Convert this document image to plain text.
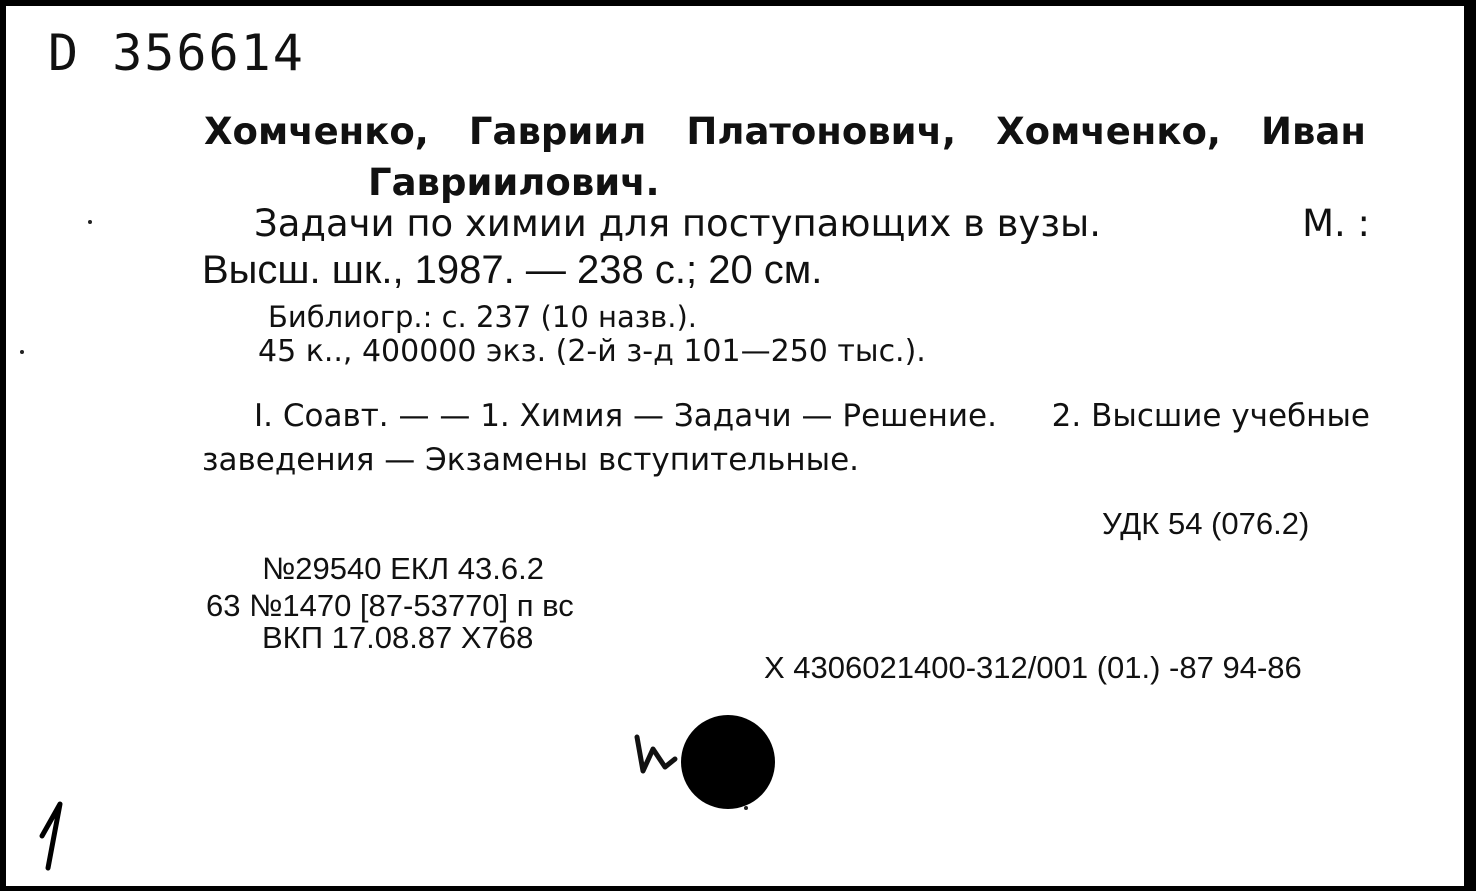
D 356614
Хомченко, Гавриил Платонович, Хомченко, Иван
Гавриилович.
Задачи по химии для поступающих в вузы.	М. :
Высш. шк., 1987. — 238 с.; 20 см.
Библиогр.: с. 237 (10 назв.).
45 к.., 400000 экз. (2-й з-д 101—250 тыс.).
I. Соавт. — — 1. Химия — Задачи — Решение. 2. Высшие учебные
заведения — Экзамены вступительные.
УДК 54 (076.2)
№29540 ЕКЛ 43.6.2
63 №1470 [87-53770] п вс
ВКП 17.08.87 Х768
Х 4306021400-312/001 (01.) -87 94-86
